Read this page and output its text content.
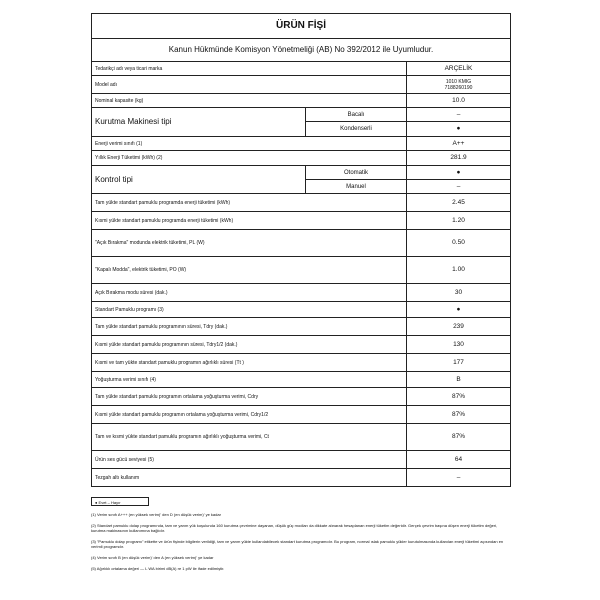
ÜRÜN FİŞİ		
Kanun Hükmünde Komisyon Yönetmeliği (AB) No 392/2012 ile Uyumludur.		
Tedarikçi adı veya ticari marka		ARÇELİK
Model adı		1010 KMIG
7188260190

Nominal kapasite (kg)		10.0
Kurutma Makinesi tipi	Bacalı	–
	Kondenserli	●
Enerji verimi sınıfı (1)		A++
Yıllık Enerji Tüketimi (kWh) (2)		281.9
Kontrol tipi	Otomatik	●
	Manuel	–
Tam yükte standart pamuklu programda enerji tüketimi (kWh)		2.45
Kısmi yükte standart pamuklu programda enerji tüketimi (kWh)		1.20
"Açık Bırakma" modunda elektrik tüketimi, PL (W)		0.50
"Kapalı Modda", elektrik tüketimi, PO (W)		1.00
Açık Bırakma modu süresi (dak.)		30
Standart Pamuklu programı (3)		●
Tam yükte standart pamuklu programının süresi, Tdry (dak.)		239
Kısmi yükte standart pamuklu programının süresi, Tdry1/2 (dak.)		130
Kısmi ve tam yükte standart pamuklu programın ağırlıklı süresi (Tt )		177
Yoğuşturma verimi sınıfı (4)		B
Tam yükte standart pamuklu programın ortalama yoğuşturma verimi, Cdry		87%
Kısmi yükte standart pamuklu programın ortalama yoğuşturma verimi, Cdry1/2		87%
Tam ve kısmi yükte standart pamuklu programın ağırlıklı yoğuşturma verimi, Ct		87%
Ürün ses gücü seviyesi (5)		64
Tezgah altı kullanım		–
● Evet – Hayır

(1) Verim sınıfı A+++ (en yüksek verim)' den D (en düşük verim)' ye kadar

(2) Standart pamuklu dolap programında, tam ve yarım yük koşulunda 160 kurutma çevrimine dayanan, düşük güç modları da dikkate alınarak hesaplanan enerji tüketim değeridir. Gerçek çevrim başına düşen enerji tüketim değeri, kurutma makinasının kullanımına bağlıdır.

(3) "Pamuklu dolap programı" etikette ve ürün fişinde bilgilerin verildiği, tam ve yarım yükte kullanılabilecek standart kurutma programıdır. Bu program, normal ıslak pamuklu yükler kurutulmasında kullanılan enerji tüketimi açısından en verimli programdır.

(4) Verim sınıfı B (en düşük verim)' den A (en yüksek verim)' ye kadar

(5) Ağırlıklı ortalama değeri — L WA birimi dB(A) re 1 pW ile ifade edilmiştir.
